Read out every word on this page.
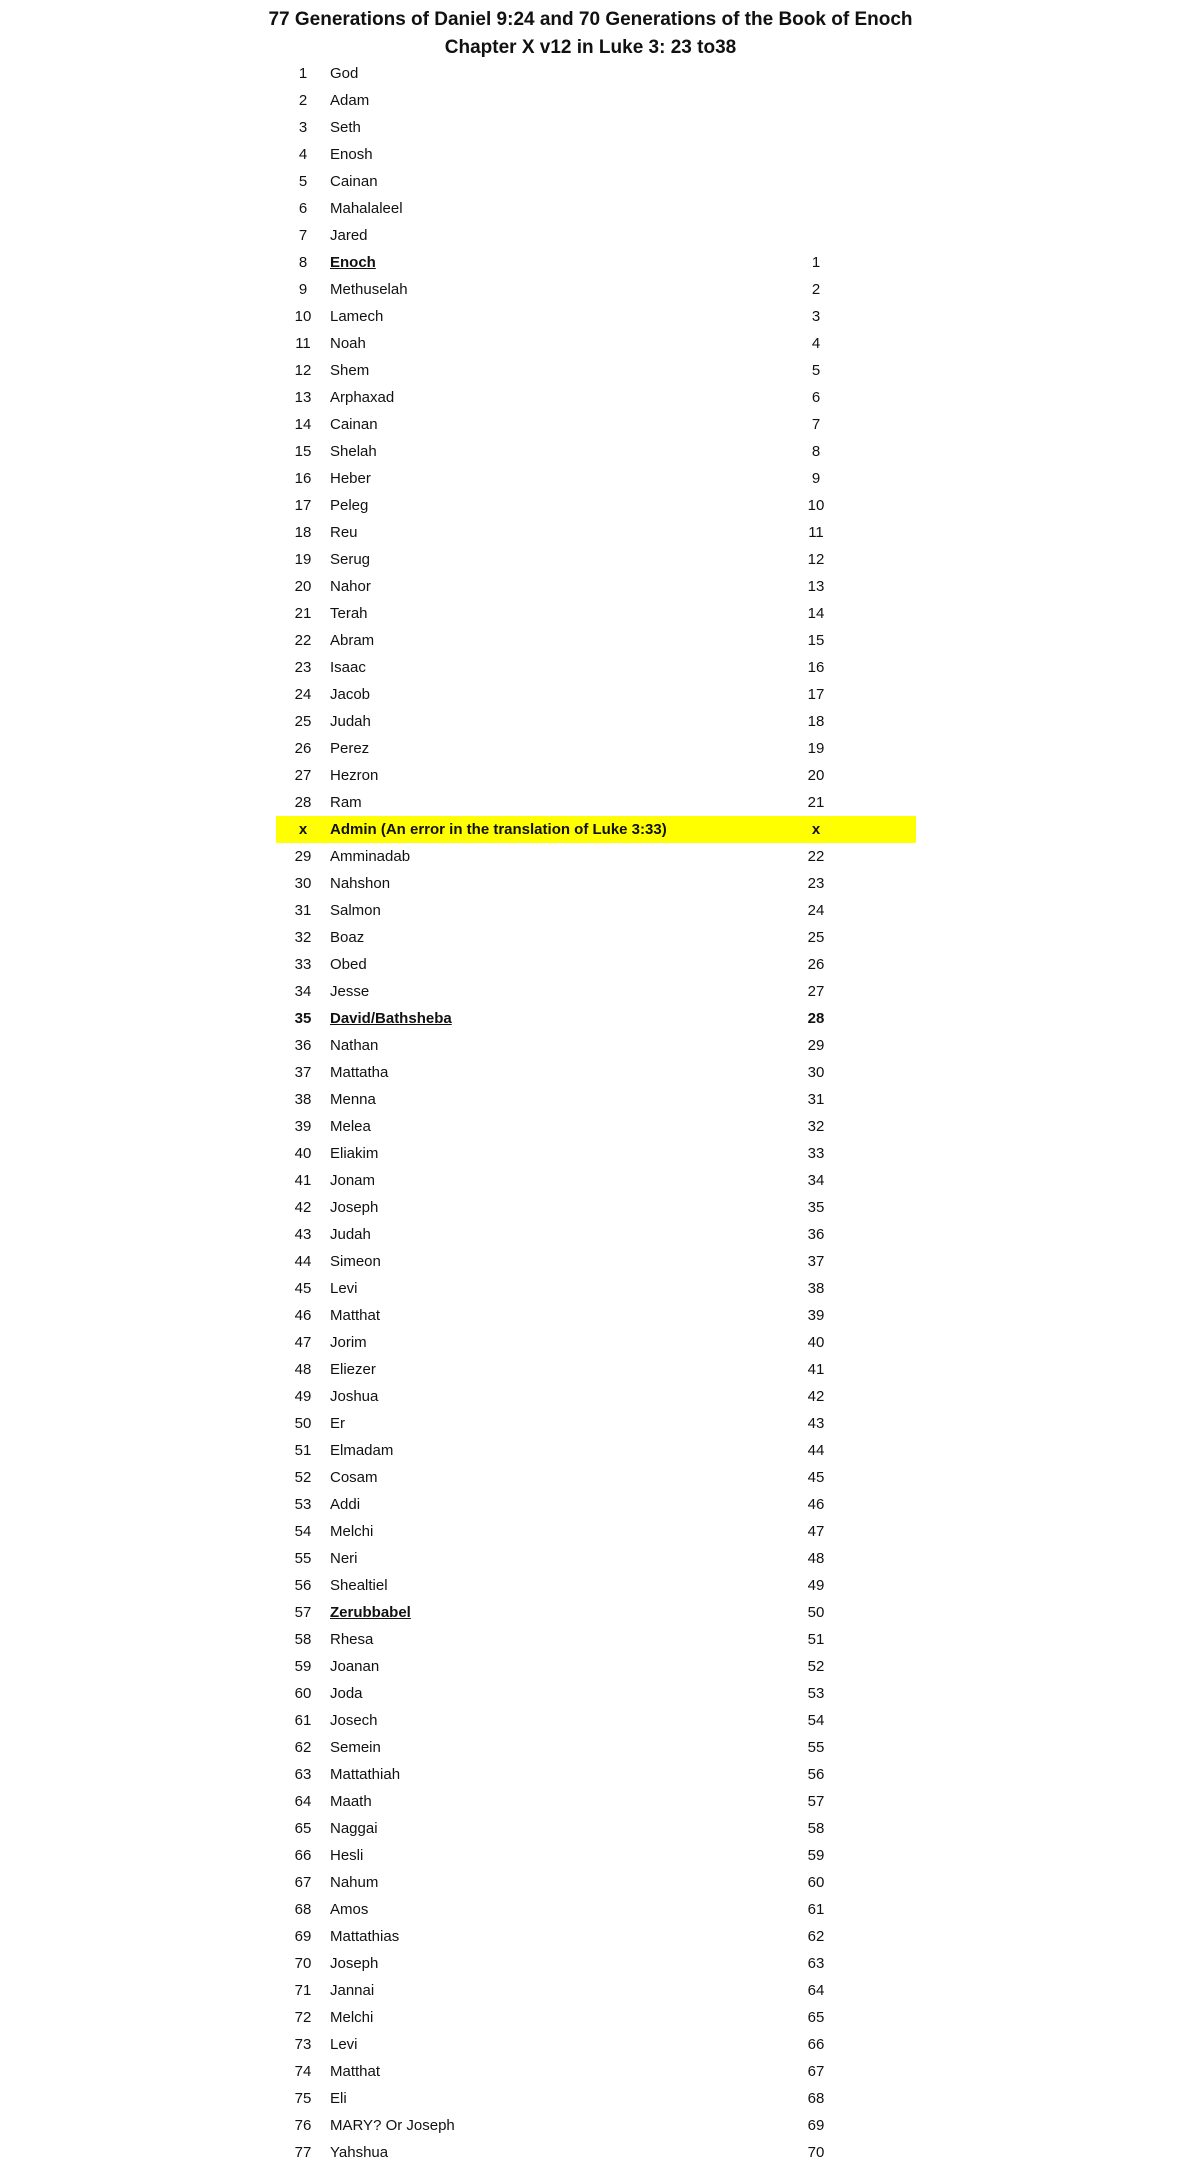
77 Generations of Daniel 9:24 and 70 Generations of the Book of Enoch
Chapter X v12 in Luke 3: 23 to38
1	God
2	Adam
3	Seth
4	Enosh
5	Cainan
6	Mahalaleel
7	Jared
8	Enoch	1
9	Methuselah	2
10	Lamech	3
11	Noah	4
12	Shem	5
13	Arphaxad	6
14	Cainan	7
15	Shelah	8
16	Heber	9
17	Peleg	10
18	Reu	11
19	Serug	12
20	Nahor	13
21	Terah	14
22	Abram	15
23	Isaac	16
24	Jacob	17
25	Judah	18
26	Perez	19
27	Hezron	20
28	Ram	21
x	Admin (An error in the translation of Luke 3:33)	x
29	Amminadab	22
30	Nahshon	23
31	Salmon	24
32	Boaz	25
33	Obed	26
34	Jesse	27
35	David/Bathsheba	28
36	Nathan	29
37	Mattatha	30
38	Menna	31
39	Melea	32
40	Eliakim	33
41	Jonam	34
42	Joseph	35
43	Judah	36
44	Simeon	37
45	Levi	38
46	Matthat	39
47	Jorim	40
48	Eliezer	41
49	Joshua	42
50	Er	43
51	Elmadam	44
52	Cosam	45
53	Addi	46
54	Melchi	47
55	Neri	48
56	Shealtiel	49
57	Zerubbabel	50
58	Rhesa	51
59	Joanan	52
60	Joda	53
61	Josech	54
62	Semein	55
63	Mattathiah	56
64	Maath	57
65	Naggai	58
66	Hesli	59
67	Nahum	60
68	Amos	61
69	Mattathias	62
70	Joseph	63
71	Jannai	64
72	Melchi	65
73	Levi	66
74	Matthat	67
75	Eli	68
76	MARY? Or Joseph	69
77	Yahshua	70
